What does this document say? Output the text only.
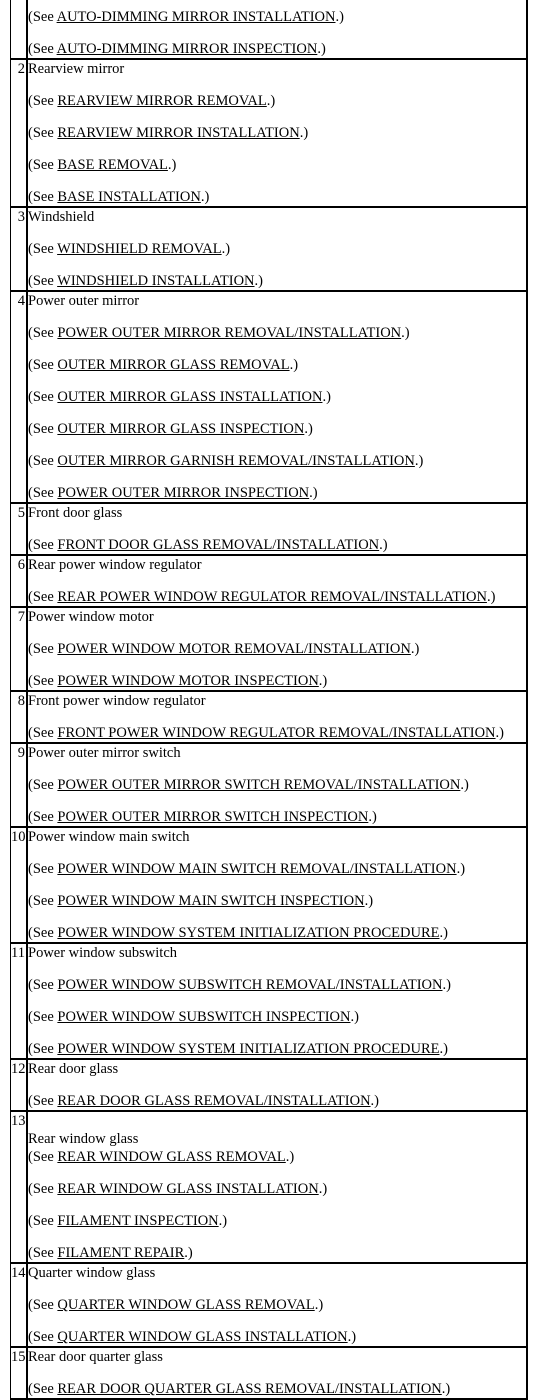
(See AUTO-DIMMING MIRROR INSTALLATION.)
(See AUTO-DIMMING MIRROR INSPECTION.)
2 Rearview mirror
(See REARVIEW MIRROR REMOVAL.)
(See REARVIEW MIRROR INSTALLATION.)
(See BASE REMOVAL.)
(See BASE INSTALLATION.)
3 Windshield
(See WINDSHIELD REMOVAL.)
(See WINDSHIELD INSTALLATION.)
4 Power outer mirror
(See POWER OUTER MIRROR REMOVAL/INSTALLATION.)
(See OUTER MIRROR GLASS REMOVAL.)
(See OUTER MIRROR GLASS INSTALLATION.)
(See OUTER MIRROR GLASS INSPECTION.)
(See OUTER MIRROR GARNISH REMOVAL/INSTALLATION.)
(See POWER OUTER MIRROR INSPECTION.)
5 Front door glass
(See FRONT DOOR GLASS REMOVAL/INSTALLATION.)
6 Rear power window regulator
(See REAR POWER WINDOW REGULATOR REMOVAL/INSTALLATION.)
7 Power window motor
(See POWER WINDOW MOTOR REMOVAL/INSTALLATION.)
(See POWER WINDOW MOTOR INSPECTION.)
8 Front power window regulator
(See FRONT POWER WINDOW REGULATOR REMOVAL/INSTALLATION.)
9 Power outer mirror switch
(See POWER OUTER MIRROR SWITCH REMOVAL/INSTALLATION.)
(See POWER OUTER MIRROR SWITCH INSPECTION.)
10 Power window main switch
(See POWER WINDOW MAIN SWITCH REMOVAL/INSTALLATION.)
(See POWER WINDOW MAIN SWITCH INSPECTION.)
(See POWER WINDOW SYSTEM INITIALIZATION PROCEDURE.)
11 Power window subswitch
(See POWER WINDOW SUBSWITCH REMOVAL/INSTALLATION.)
(See POWER WINDOW SUBSWITCH INSPECTION.)
(See POWER WINDOW SYSTEM INITIALIZATION PROCEDURE.)
12 Rear door glass
(See REAR DOOR GLASS REMOVAL/INSTALLATION.)
13
Rear window glass
(See REAR WINDOW GLASS REMOVAL.)
(See REAR WINDOW GLASS INSTALLATION.)
(See FILAMENT INSPECTION.)
(See FILAMENT REPAIR.)
14 Quarter window glass
(See QUARTER WINDOW GLASS REMOVAL.)
(See QUARTER WINDOW GLASS INSTALLATION.)
15 Rear door quarter glass
(See REAR DOOR QUARTER GLASS REMOVAL/INSTALLATION.)
